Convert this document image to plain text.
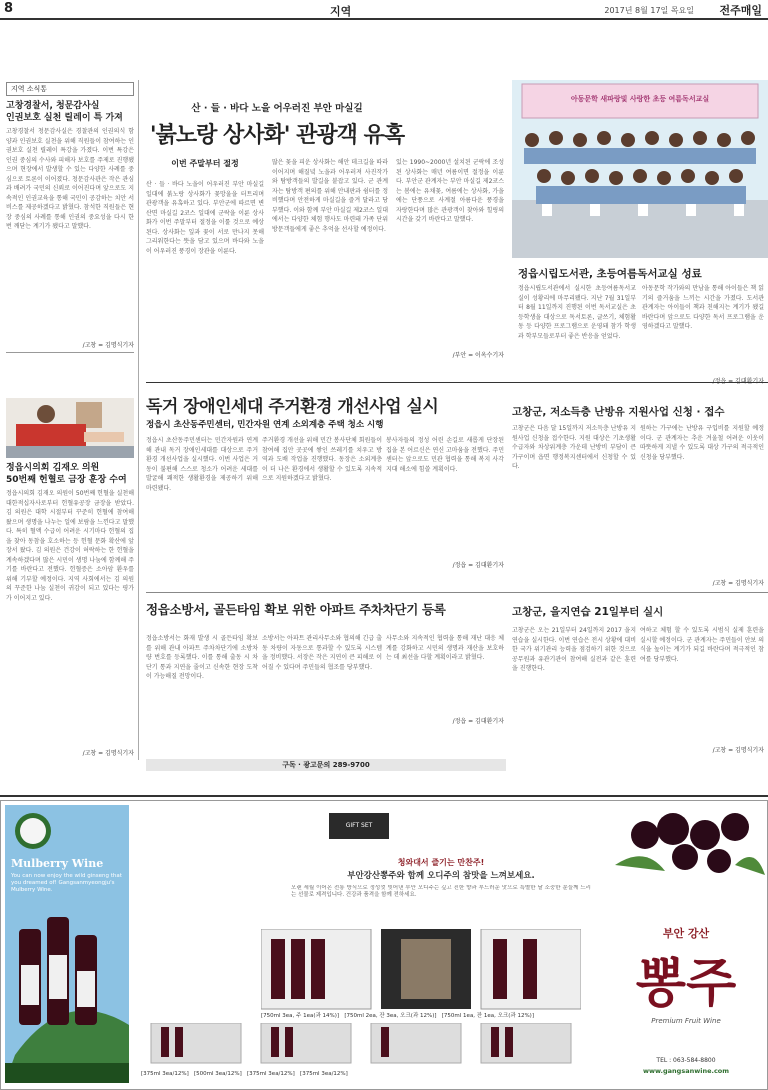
8	지역	2017년 8월 17일 목요일 전주매일
지역 소식통
고창경찰서, 청문감사실
인권보호 실천 릴레이 특 가져
고창경찰서 청문감사실은 경찰관의 인권의식 함양과 인권보호 실천을 위해 직원들이 참여하는 인권보호 실천 릴레이 특강을 가졌다. 이번 특강은 인권 중심의 수사와 피해자 보호를 주제로 진행됐으며 현장에서 발생할 수 있는 다양한 사례를 중심으로 토론이 이어졌다. 청문감사관은 작은 관심과 배려가 국민의 신뢰로 이어진다며 앞으로도 지속적인 인권교육을 통해 국민이 공감하는 치안 서비스를 제공하겠다고 밝혔다. 참석한 직원들은 현장 중심의 사례를 통해 인권의 중요성을 다시 한번 깨닫는 계기가 됐다고 말했다.
/고창 = 김명식기자
정읍시의회 김재오 의원
50번째 헌혈로 금장 훈장 수여
정읍시의회 김재오 의원이 50번째 헌혈을 실천해 대한적십자사로부터 헌혈유공장 금장을 받았다. 김 의원은 대학 시절부터 꾸준히 헌혈에 참여해 왔으며 생명을 나누는 일에 보람을 느낀다고 말했다. 특히 혈액 수급이 어려운 시기마다 헌혈의 집을 찾아 동참을 호소하는 등 헌혈 문화 확산에 앞장서 왔다. 김 의원은 건강이 허락하는 한 헌혈을 계속하겠다며 많은 시민이 생명 나눔에 함께해 주기를 바란다고 전했다. 헌혈증은 소아암 환우를 위해 기부할 예정이다. 지역 사회에서는 김 의원의 꾸준한 나눔 실천이 귀감이 되고 있다는 평가가 이어지고 있다.
/고창 = 김명식기자
산 · 들 · 바다 노을 어우러진 부안 마실길
'붉노랑 상사화' 관광객 유혹
이번 주말부터 절정
산 · 들 · 바다 노을이 어우러진 부안 마실길 일대에 붉노랑 상사화가 꽃망울을 터트리며 관광객을 유혹하고 있다. 부안군에 따르면 변산면 마실길 2코스 일대에 군락을 이룬 상사화가 이번 주말부터 절정을 이룰 것으로 예상된다. 상사화는 잎과 꽃이 서로 만나지 못해 그리워한다는 뜻을 담고 있으며 바다와 노을이 어우러진 풍경이 장관을 이룬다.
많은 꽃을 피운 상사화는 해안 데크길을 따라 이어지며 해질녘 노을과 어우러져 사진작가와 탐방객들의 발길을 붙잡고 있다. 군 관계자는 탐방객 편의를 위해 안내판과 쉼터를 정비했다며 안전하게 마실길을 즐겨 달라고 당부했다. 이와 함께 부안 마실길 제2코스 일대에서는 다양한 체험 행사도 마련돼 가족 단위 방문객들에게 좋은 추억을 선사할 예정이다.
있는 1990~2000년 설치된 군락에 조성된 상사화는 매년 여름이면 절정을 이룬다. 부안군 관계자는 부안 마실길 제2코스는 봄에는 유채꽃, 여름에는 상사화, 가을에는 단풍으로 사계절 아름다운 풍경을 자랑한다며 많은 관광객이 찾아와 힐링의 시간을 갖기 바란다고 말했다.
/부안 = 이옥수기자
아동문학 새파랑빛 사랑한 초등 여름독서교실
정읍시립도서관, 초등여름독서교실 성료
정읍시립도서관에서 실시한 초등여름독서교실이 성황리에 마무리됐다. 지난 7월 31일부터 8월 11일까지 진행된 이번 독서교실은 초등학생을 대상으로 독서토론, 글쓰기, 체험활동 등 다양한 프로그램으로 운영돼 참가 학생과 학부모들로부터 좋은 반응을 얻었다.
아동문학 작가와의 만남을 통해 아이들은 책 읽기의 즐거움을 느끼는 시간을 가졌다. 도서관 관계자는 아이들이 책과 친해지는 계기가 됐길 바란다며 앞으로도 다양한 독서 프로그램을 운영하겠다고 말했다.
독거 장애인세대 주거환경 개선사업 실시
정읍시 초산동주민센터, 민간자원 연계 소외계층 주택 청소 시행
정읍시 초산동주민센터는 민간자원과 연계해 관내 독거 장애인세대를 대상으로 주거환경 개선사업을 실시했다. 이번 사업은 거동이 불편해 스스로 청소가 어려운 세대를 발굴해 쾌적한 생활환경을 제공하기 위해 마련됐다.
주거환경 개선을 위해 민간 봉사단체 회원들이 참여해 집안 곳곳에 쌓인 쓰레기를 치우고 방역과 도배 작업을 진행했다. 동장은 소외계층이 더 나은 환경에서 생활할 수 있도록 지속적으로 지원하겠다고 밝혔다.
봉사자들의 정성 어린 손길로 새롭게 단장된 집을 본 어르신은 연신 고마움을 전했다. 주민센터는 앞으로도 민관 협력을 통해 복지 사각지대 해소에 힘쓸 계획이다.
/정읍 = 김대환기자
고창군, 저소득층 난방유 지원사업 신청 · 접수
고창군은 다음 달 15일까지 저소득층 난방유 지원사업 신청을 접수한다. 지원 대상은 기초생활수급자와 차상위계층 가운데 난방비 부담이 큰 가구이며 읍면 행정복지센터에서 신청할 수 있다.
원하는 가구에는 난방유 구입비를 지원할 예정이다. 군 관계자는 추운 겨울철 어려운 이웃이 따뜻하게 지낼 수 있도록 대상 가구의 적극적인 신청을 당부했다.
/고창 = 김명식기자
정읍소방서, 골든타임 확보 위한 아파트 주차차단기 등록
정읍소방서는 화재 발생 시 골든타임 확보를 위해 관내 아파트 주차차단기에 소방차량 번호를 등록했다. 이를 통해 출동 시 차단기 통과 지연을 줄이고 신속한 현장 도착이 가능해질 전망이다.
소방서는 아파트 관리사무소와 협의해 긴급 출동 차량이 자동으로 통과할 수 있도록 시스템을 정비했다. 서장은 작은 지연이 큰 피해로 이어질 수 있다며 주민들의 협조를 당부했다.
사무소와 지속적인 협력을 통해 재난 대응 체계를 강화하고 시민의 생명과 재산을 보호하는 데 최선을 다할 계획이라고 밝혔다.
/정읍 = 김대환기자
고창군, 을지연습 21일부터 실시
고창군은 오는 21일부터 24일까지 2017 을지연습을 실시한다. 이번 연습은 전시 상황에 대비한 국가 위기관리 능력을 점검하기 위한 것으로 공무원과 유관기관이 참여해 실전과 같은 훈련을 진행한다.
여하고 체험 할 수 있도록 시범식 실제 훈련을 실시할 예정이다. 군 관계자는 주민들이 안보 의식을 높이는 계기가 되길 바란다며 적극적인 참여를 당부했다.
/고창 = 김명식기자
구독 · 광고문의 289-9700
Mulberry Wine
You can now enjoy the wild ginseng that you dreamed of! Gangsanmyeongju's Mulberry Wine.
GIFT SET
청와대서 즐기는 만찬주!
부안강산뽕주와 함께 오디주의 참맛을 느껴보세요.
오랜 세월 이어온 전통 방식으로 정성껏 빚어낸 부안 오디주는 깊고 진한 향과 부드러운 맛으로 특별한 날 소중한 분들께 드리는 선물로 제격입니다. 건강과 품격을 함께 전하세요.
[750ml 3ea, 주 1ea(과 14%)] [750ml 2ea, 잔 3ea, 오크(과 12%)] [750ml 1ea, 잔 1ea, 오크(과 12%)]
[375ml 3ea/12%] [500ml 3ea/12%] [375ml 3ea/12%] [375ml 3ea/12%]
부안 강산
뽕주
Premium Fruit Wine
TEL : 063-584-8800
www.gangsanwine.com
